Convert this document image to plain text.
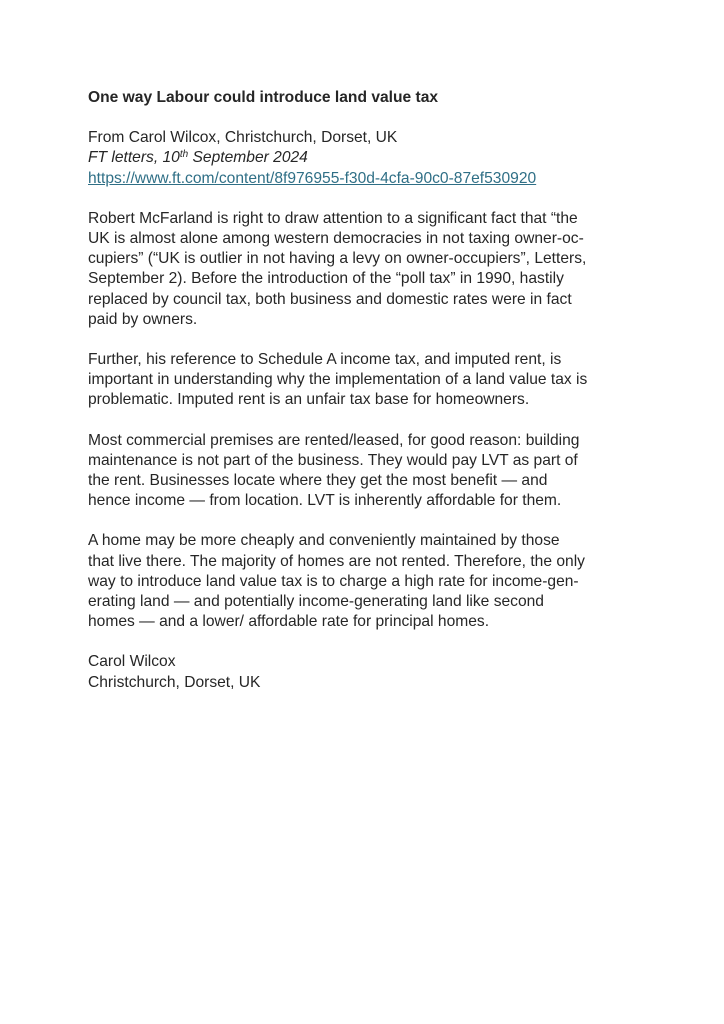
One way Labour could introduce land value tax
From Carol Wilcox, Christchurch, Dorset, UK
FT letters, 10th September 2024
https://www.ft.com/content/8f976955-f30d-4cfa-90c0-87ef530920
Robert McFarland is right to draw attention to a significant fact that “the
UK is almost alone among western democracies in not taxing owner-oc-
cupiers” (“UK is outlier in not having a levy on owner-occupiers”, Letters,
September 2). Before the introduction of the “poll tax” in 1990, hastily
replaced by council tax, both business and domestic rates were in fact
paid by owners.
Further, his reference to Schedule A income tax, and imputed rent, is
important in understanding why the implementation of a land value tax is
problematic. Imputed rent is an unfair tax base for homeowners.
Most commercial premises are rented/leased, for good reason: building
maintenance is not part of the business. They would pay LVT as part of
the rent. Businesses locate where they get the most benefit — and
hence income — from location. LVT is inherently affordable for them.
A home may be more cheaply and conveniently maintained by those
that live there. The majority of homes are not rented. Therefore, the only
way to introduce land value tax is to charge a high rate for income-gen-
erating land — and potentially income-generating land like second
homes — and a lower/ affordable rate for principal homes.
Carol Wilcox
Christchurch, Dorset, UK
